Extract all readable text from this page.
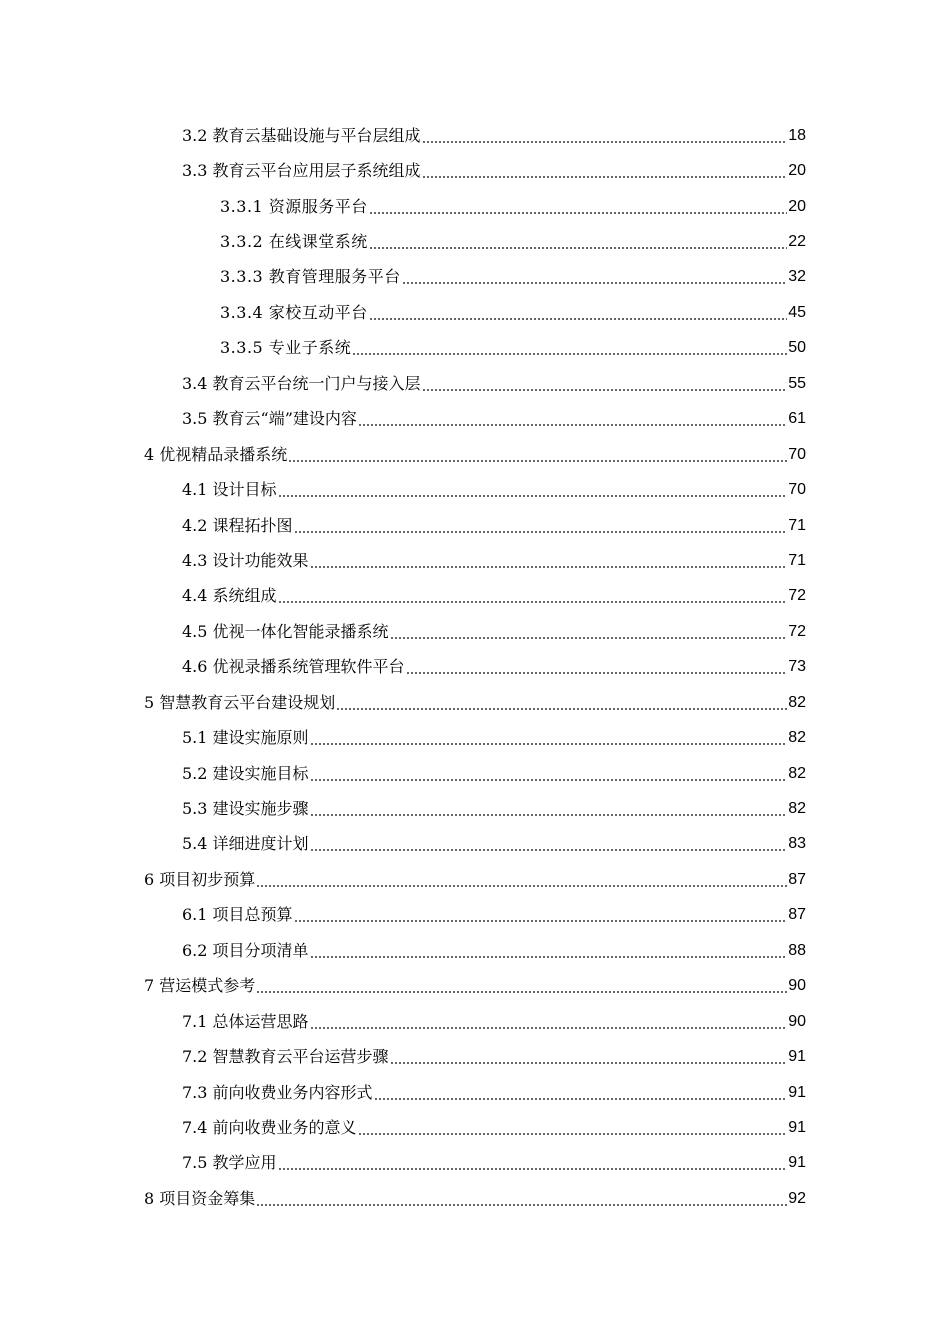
3.2 教育云基础设施与平台层组成	18
3.3 教育云平台应用层子系统组成	20
3.3.1 资源服务平台	20
3.3.2 在线课堂系统	22
3.3.3 教育管理服务平台	32
3.3.4 家校互动平台	45
3.3.5 专业子系统	50
3.4 教育云平台统一门户与接入层	55
3.5 教育云“端”建设内容	61
4 优视精品录播系统	70
4.1 设计目标	70
4.2 课程拓扑图	71
4.3 设计功能效果	71
4.4 系统组成	72
4.5 优视一体化智能录播系统	72
4.6 优视录播系统管理软件平台	73
5 智慧教育云平台建设规划	82
5.1 建设实施原则	82
5.2 建设实施目标	82
5.3 建设实施步骤	82
5.4 详细进度计划	83
6 项目初步预算	87
6.1 项目总预算	87
6.2 项目分项清单	88
7 营运模式参考	90
7.1 总体运营思路	90
7.2 智慧教育云平台运营步骤	91
7.3 前向收费业务内容形式	91
7.4 前向收费业务的意义	91
7.5 教学应用	91
8 项目资金筹集	92
